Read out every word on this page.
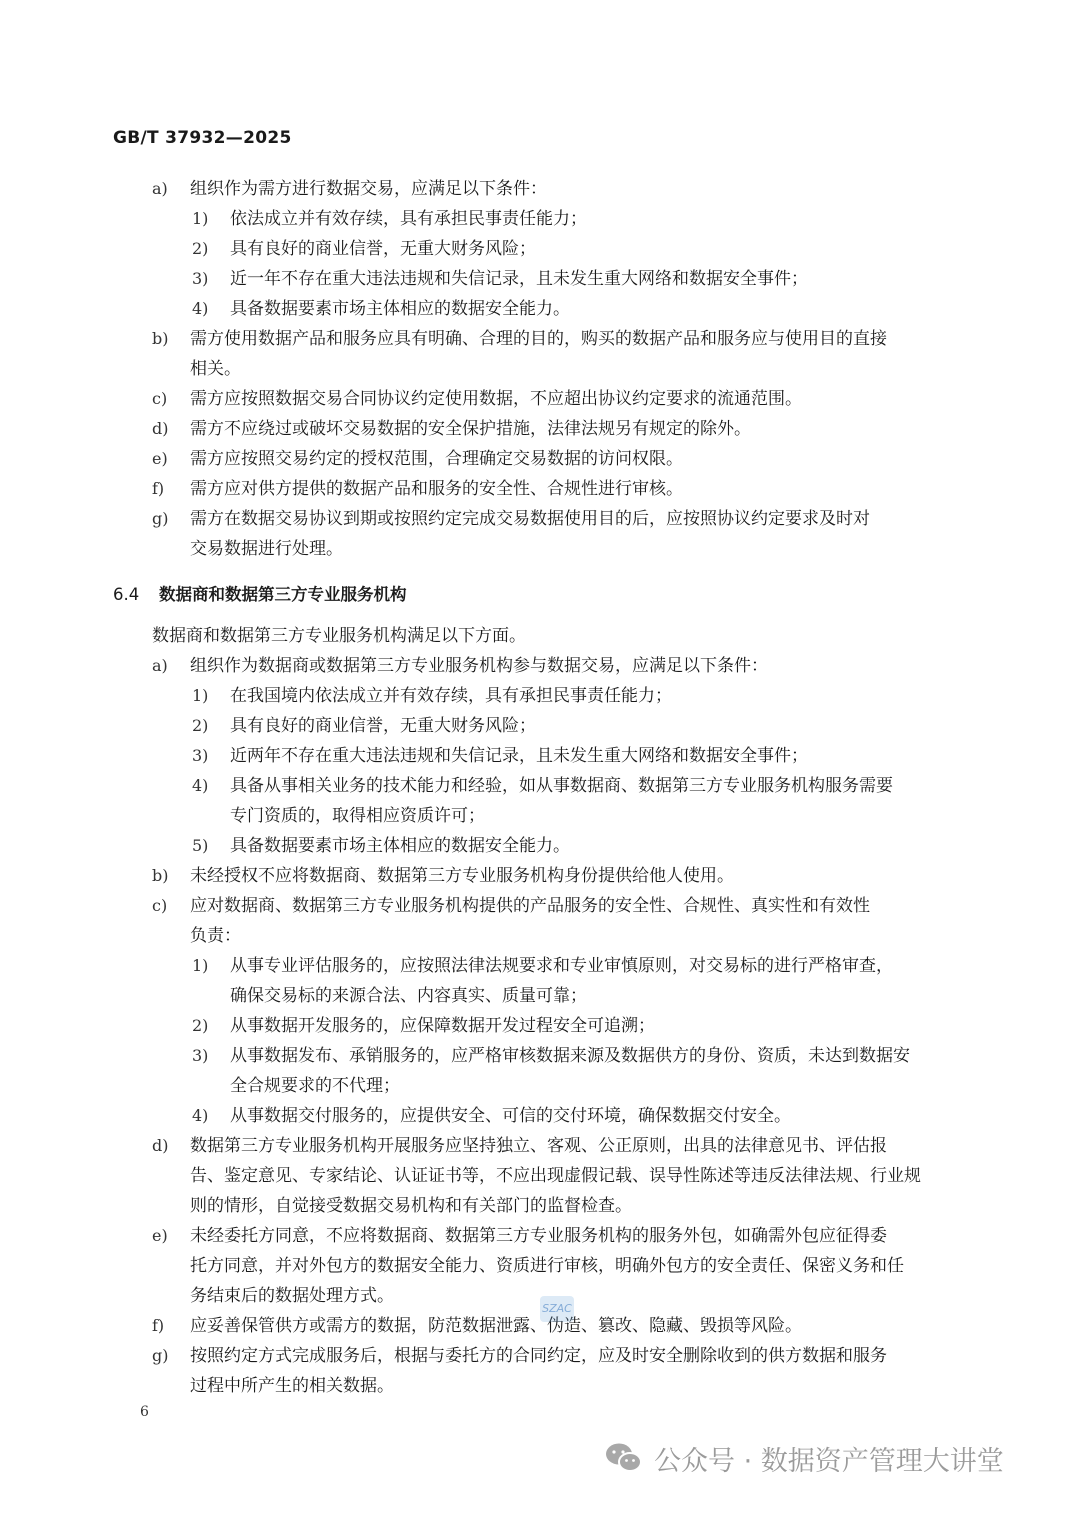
GB/T 37932—2025
a) 组织作为需方进行数据交易，应满足以下条件：
1) 依法成立并有效存续，具有承担民事责任能力；
2) 具有良好的商业信誉，无重大财务风险；
3) 近一年不存在重大违法违规和失信记录，且未发生重大网络和数据安全事件；
4) 具备数据要素市场主体相应的数据安全能力。
b) 需方使用数据产品和服务应具有明确、合理的目的，购买的数据产品和服务应与使用目的直接
相关。
c) 需方应按照数据交易合同协议约定使用数据，不应超出协议约定要求的流通范围。
d) 需方不应绕过或破坏交易数据的安全保护措施，法律法规另有规定的除外。
e) 需方应按照交易约定的授权范围，合理确定交易数据的访问权限。
f) 需方应对供方提供的数据产品和服务的安全性、合规性进行审核。
g) 需方在数据交易协议到期或按照约定完成交易数据使用目的后，应按照协议约定要求及时对
交易数据进行处理。
数据商和数据第三方专业服务机构满足以下方面。
a) 组织作为数据商或数据第三方专业服务机构参与数据交易，应满足以下条件：
1) 在我国境内依法成立并有效存续，具有承担民事责任能力；
2) 具有良好的商业信誉，无重大财务风险；
3) 近两年不存在重大违法违规和失信记录，且未发生重大网络和数据安全事件；
4) 具备从事相关业务的技术能力和经验，如从事数据商、数据第三方专业服务机构服务需要
专门资质的，取得相应资质许可；
5) 具备数据要素市场主体相应的数据安全能力。
b) 未经授权不应将数据商、数据第三方专业服务机构身份提供给他人使用。
c) 应对数据商、数据第三方专业服务机构提供的产品服务的安全性、合规性、真实性和有效性
负责：
1) 从事专业评估服务的，应按照法律法规要求和专业审慎原则，对交易标的进行严格审查，
确保交易标的来源合法、内容真实、质量可靠；
2) 从事数据开发服务的，应保障数据开发过程安全可追溯；
3) 从事数据发布、承销服务的，应严格审核数据来源及数据供方的身份、资质，未达到数据安
全合规要求的不代理；
4) 从事数据交付服务的，应提供安全、可信的交付环境，确保数据交付安全。
d) 数据第三方专业服务机构开展服务应坚持独立、客观、公正原则，出具的法律意见书、评估报
告、鉴定意见、专家结论、认证证书等，不应出现虚假记载、误导性陈述等违反法律法规、行业规
则的情形，自觉接受数据交易机构和有关部门的监督检查。
e) 未经委托方同意，不应将数据商、数据第三方专业服务机构的服务外包，如确需外包应征得委
托方同意，并对外包方的数据安全能力、资质进行审核，明确外包方的安全责任、保密义务和任
务结束后的数据处理方式。
f) 应妥善保管供方或需方的数据，防范数据泄露、伪造、篡改、隐藏、毁损等风险。
g) 按照约定方式完成服务后，根据与委托方的合同约定，应及时安全删除收到的供方数据和服务
过程中所产生的相关数据。
6.4 数据商和数据第三方专业服务机构
SZAC
6
公众号 · 数据资产管理大讲堂
